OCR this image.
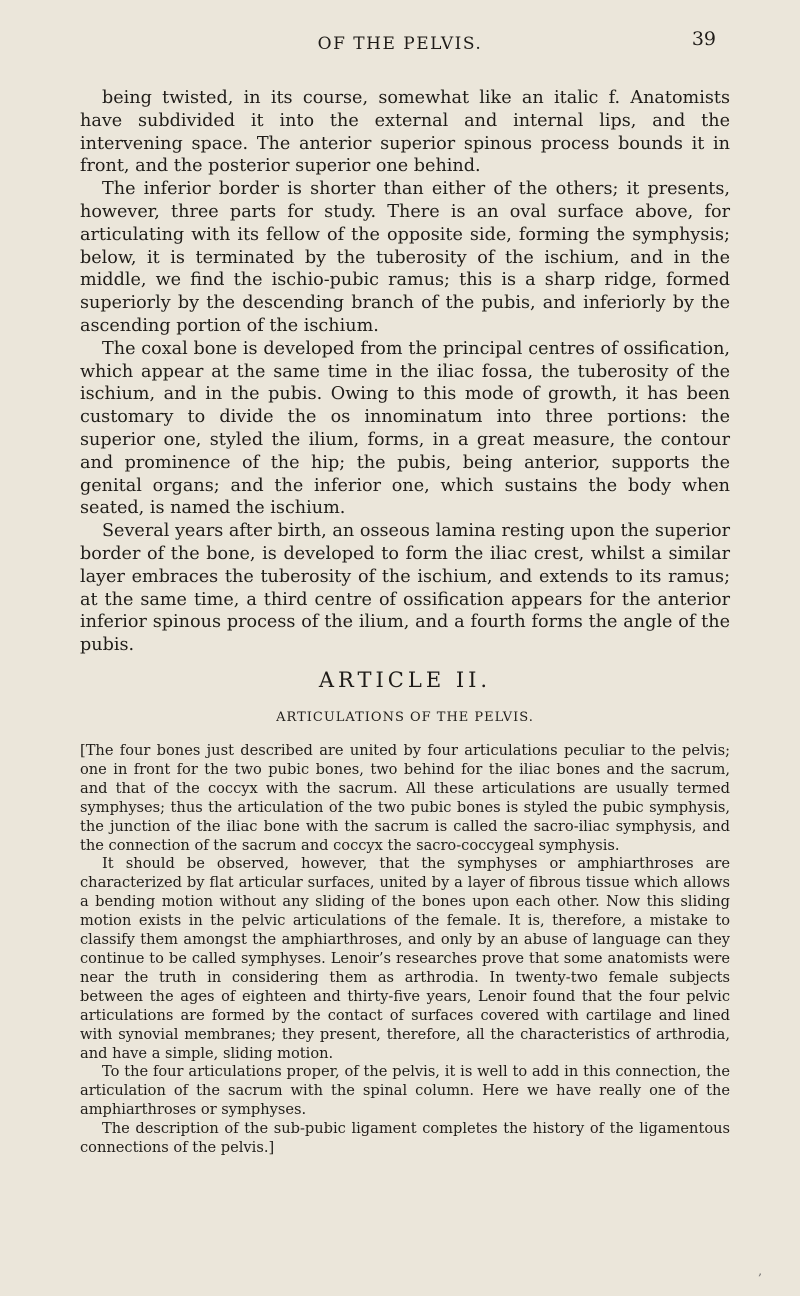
OF THE PELVIS.	39

being twisted, in its course, somewhat like an italic f. Anatomists have subdivided it into the external and internal lips, and the intervening space. The anterior superior spinous process bounds it in front, and the posterior superior one behind.

The inferior border is shorter than either of the others; it presents, however, three parts for study. There is an oval surface above, for articulating with its fellow of the opposite side, forming the symphysis; below, it is terminated by the tuberosity of the ischium, and in the middle, we find the ischio-pubic ramus; this is a sharp ridge, formed superiorly by the descending branch of the pubis, and inferiorly by the ascending portion of the ischium.

The coxal bone is developed from the principal centres of ossification, which appear at the same time in the iliac fossa, the tuberosity of the ischium, and in the pubis. Owing to this mode of growth, it has been customary to divide the os innominatum into three portions: the superior one, styled the ilium, forms, in a great measure, the contour and prominence of the hip; the pubis, being anterior, supports the genital organs; and the inferior one, which sustains the body when seated, is named the ischium.

Several years after birth, an osseous lamina resting upon the superior border of the bone, is developed to form the iliac crest, whilst a similar layer embraces the tuberosity of the ischium, and extends to its ramus; at the same time, a third centre of ossification appears for the anterior inferior spinous process of the ilium, and a fourth forms the angle of the pubis.

ARTICLE II.
ARTICULATIONS OF THE PELVIS.

[The four bones just described are united by four articulations peculiar to the pelvis; one in front for the two pubic bones, two behind for the iliac bones and the sacrum, and that of the coccyx with the sacrum. All these articulations are usually termed symphyses; thus the articulation of the two pubic bones is styled the pubic symphysis, the junction of the iliac bone with the sacrum is called the sacro-iliac symphysis, and the connection of the sacrum and coccyx the sacro-coccygeal symphysis.

It should be observed, however, that the symphyses or amphiarthroses are characterized by flat articular surfaces, united by a layer of fibrous tissue which allows a bending motion without any sliding of the bones upon each other. Now this sliding motion exists in the pelvic articulations of the female. It is, therefore, a mistake to classify them amongst the amphiarthroses, and only by an abuse of language can they continue to be called symphyses. Lenoir’s researches prove that some anatomists were near the truth in considering them as arthrodia. In twenty-two female subjects between the ages of eighteen and thirty-five years, Lenoir found that the four pelvic articulations are formed by the contact of surfaces covered with cartilage and lined with synovial membranes; they present, therefore, all the characteristics of arthrodia, and have a simple, sliding motion.

To the four articulations proper, of the pelvis, it is well to add in this connection, the articulation of the sacrum with the spinal column. Here we have really one of the amphiarthroses or symphyses.

The description of the sub-pubic ligament completes the history of the ligamentous connections of the pelvis.]

‚
